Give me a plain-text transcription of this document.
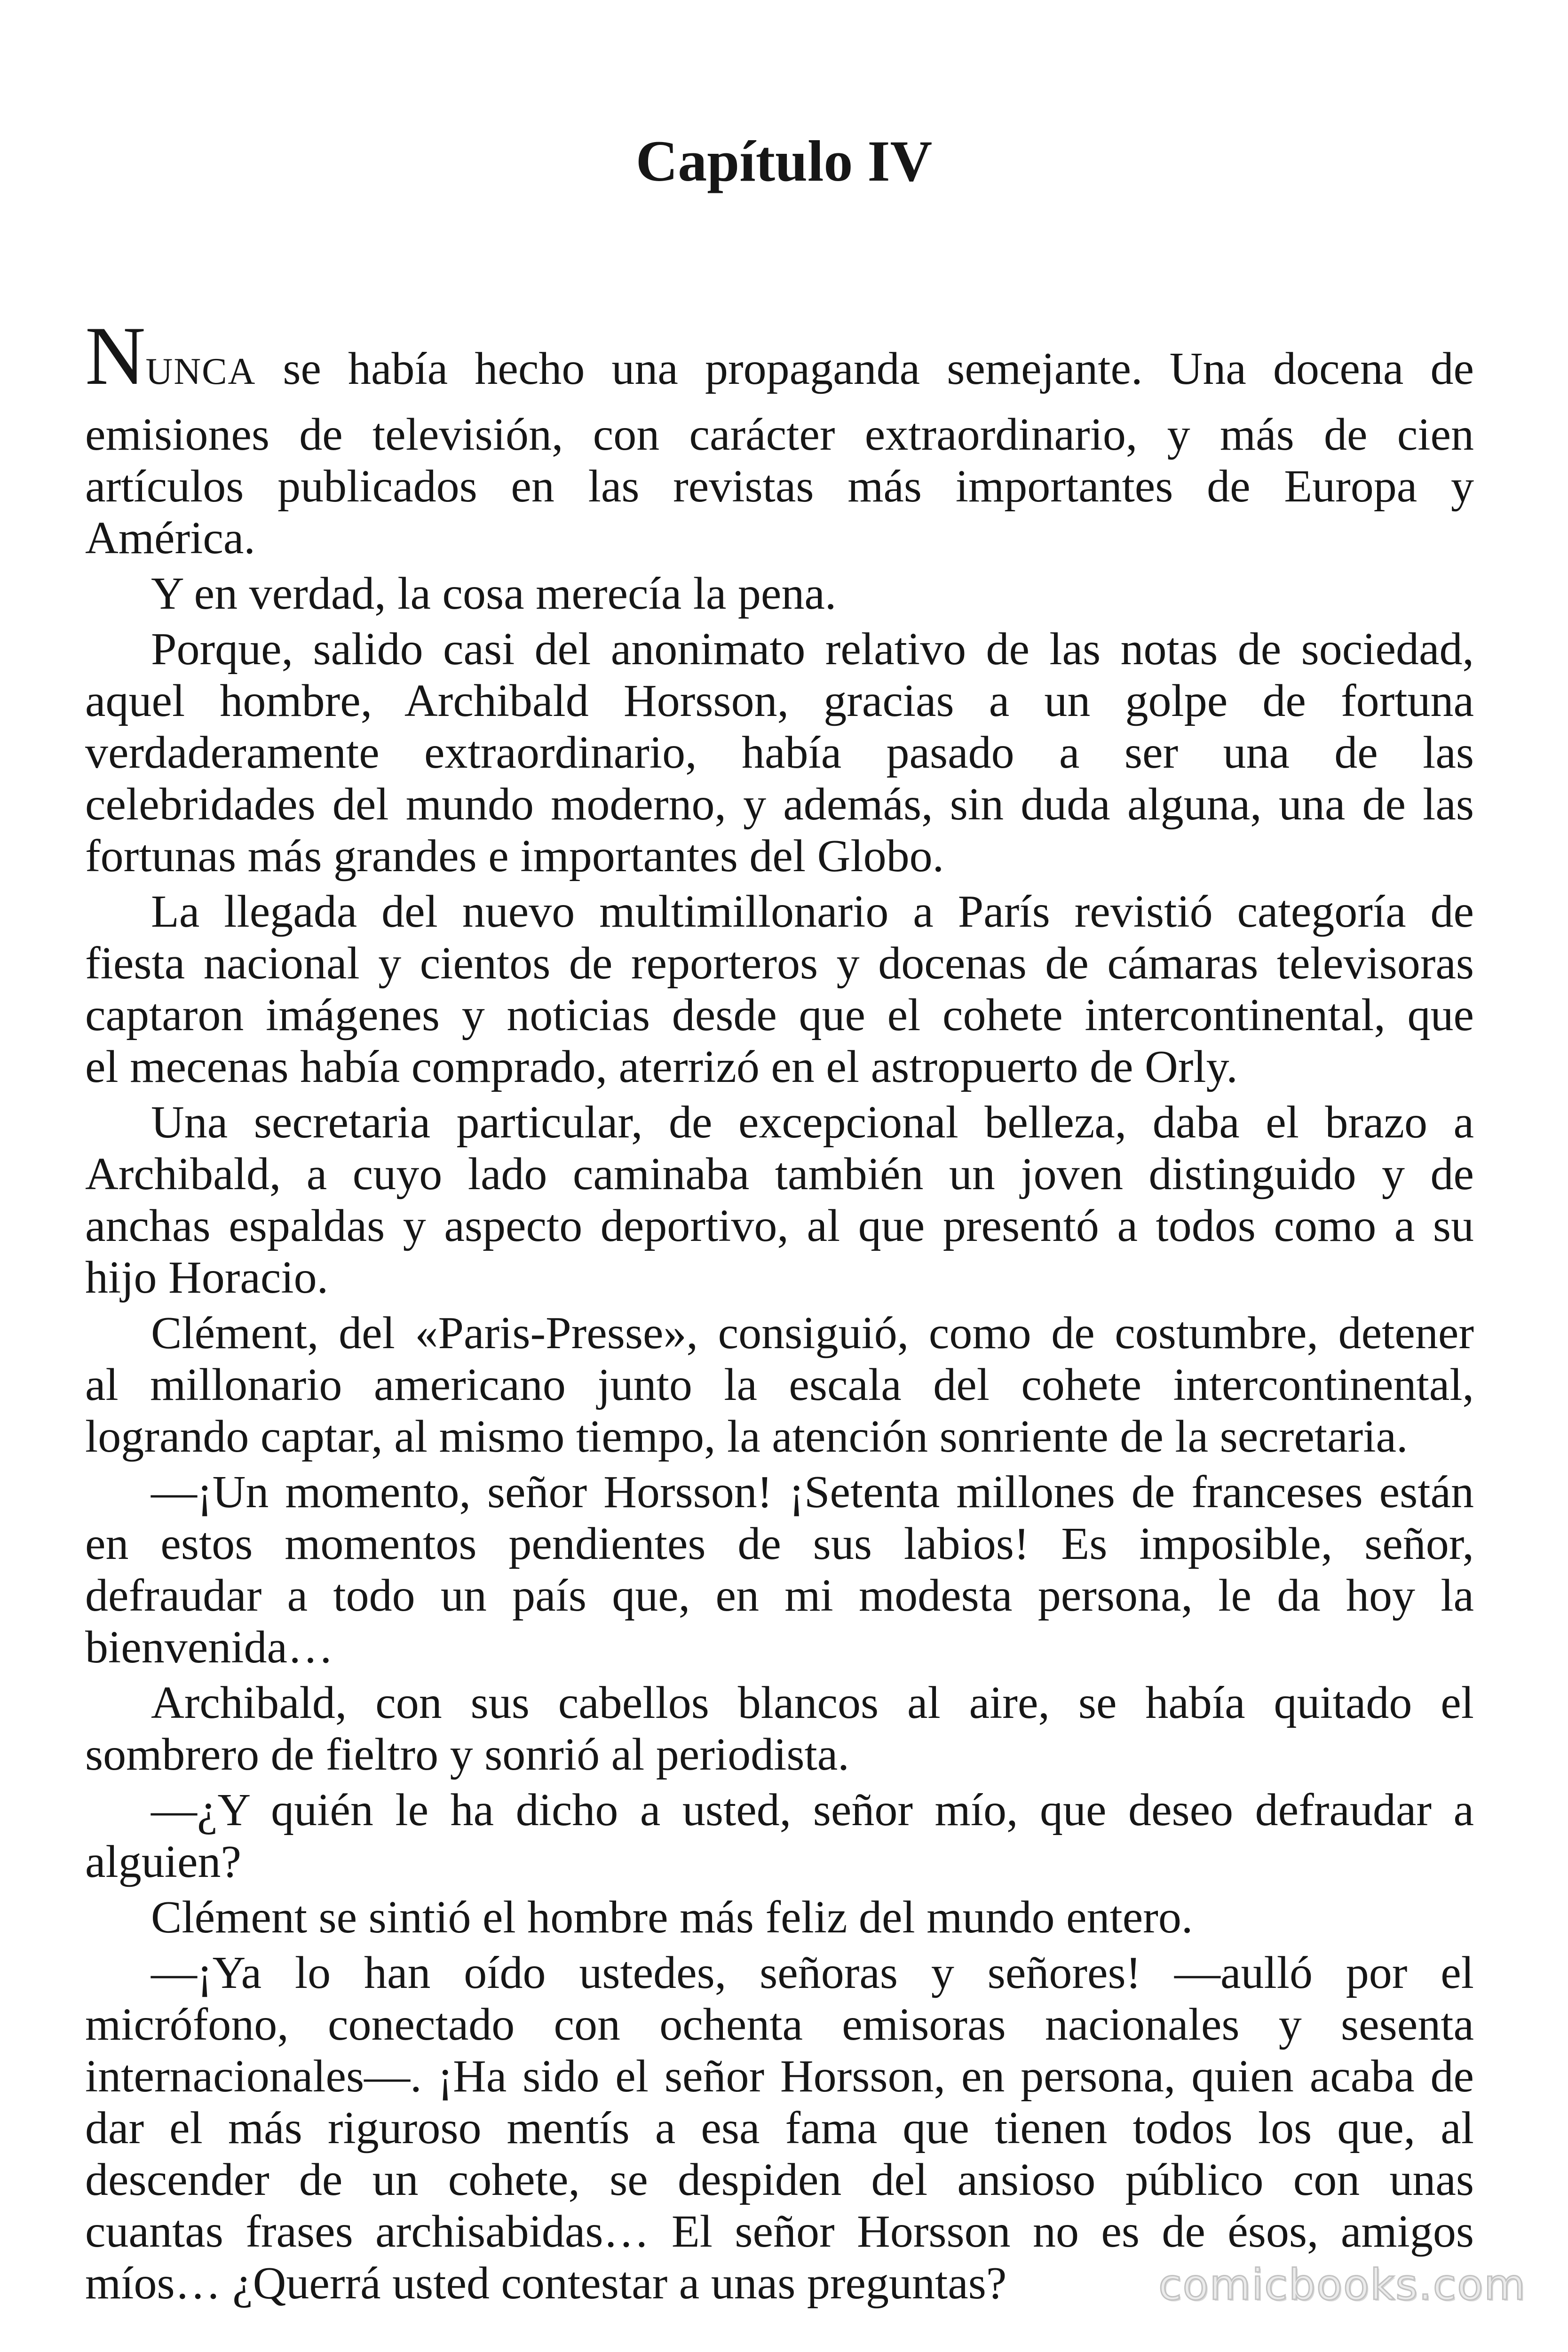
Capítulo IV
NUNCA se había hecho una propaganda semejante. Una docena de
emisiones de televisión, con carácter extraordinario, y más de cien
artículos publicados en las revistas más importantes de Europa y
América.
Y en verdad, la cosa merecía la pena.
Porque, salido casi del anonimato relativo de las notas de sociedad,
aquel hombre, Archibald Horsson, gracias a un golpe de fortuna
verdaderamente extraordinario, había pasado a ser una de las
celebridades del mundo moderno, y además, sin duda alguna, una de las
fortunas más grandes e importantes del Globo.
La llegada del nuevo multimillonario a París revistió categoría de
fiesta nacional y cientos de reporteros y docenas de cámaras televisoras
captaron imágenes y noticias desde que el cohete intercontinental, que
el mecenas había comprado, aterrizó en el astropuerto de Orly.
Una secretaria particular, de excepcional belleza, daba el brazo a
Archibald, a cuyo lado caminaba también un joven distinguido y de
anchas espaldas y aspecto deportivo, al que presentó a todos como a su
hijo Horacio.
Clément, del «Paris-Presse», consiguió, como de costumbre, detener
al millonario americano junto la escala del cohete intercontinental,
logrando captar, al mismo tiempo, la atención sonriente de la secretaria.
—¡Un momento, señor Horsson! ¡Setenta millones de franceses están
en estos momentos pendientes de sus labios! Es imposible, señor,
defraudar a todo un país que, en mi modesta persona, le da hoy la
bienvenida…
Archibald, con sus cabellos blancos al aire, se había quitado el
sombrero de fieltro y sonrió al periodista.
—¿Y quién le ha dicho a usted, señor mío, que deseo defraudar a
alguien?
Clément se sintió el hombre más feliz del mundo entero.
—¡Ya lo han oído ustedes, señoras y señores! —aulló por el
micrófono, conectado con ochenta emisoras nacionales y sesenta
internacionales—. ¡Ha sido el señor Horsson, en persona, quien acaba de
dar el más riguroso mentís a esa fama que tienen todos los que, al
descender de un cohete, se despiden del ansioso público con unas
cuantas frases archisabidas… El señor Horsson no es de ésos, amigos
míos… ¿Querrá usted contestar a unas preguntas?	comicbooks.com
